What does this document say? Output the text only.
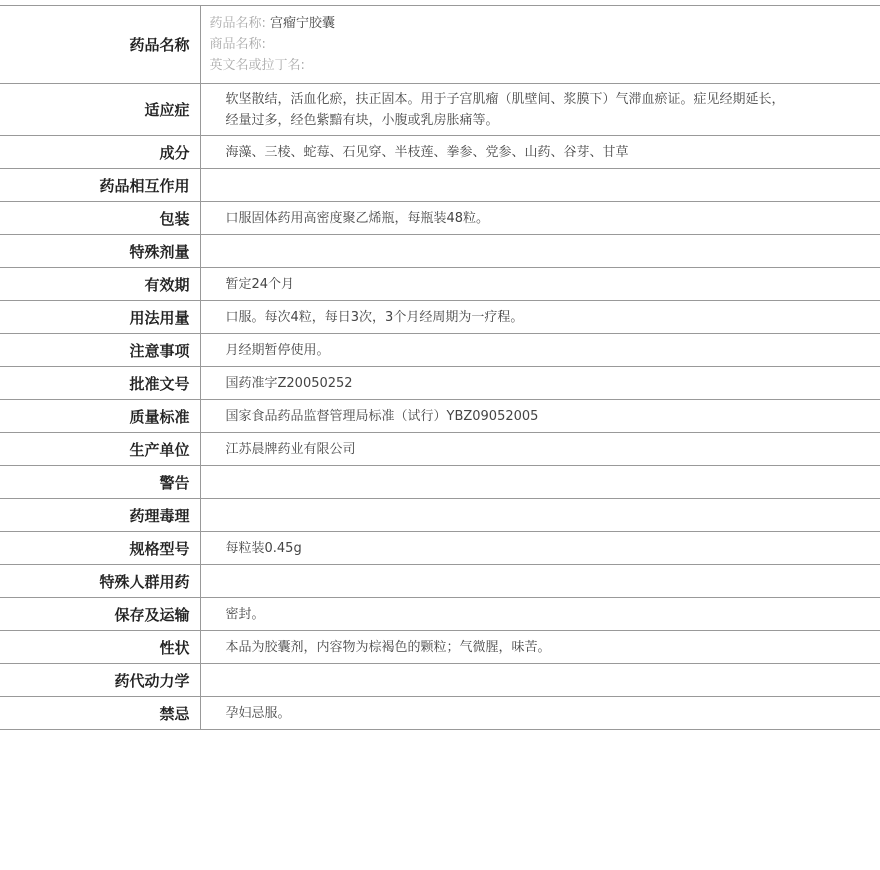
药品名称	药品名称: 宫瘤宁胶囊
商品名称:
英文名或拉丁名:

适应症	软坚散结，活血化瘀，扶正固本。用于子宫肌瘤（肌壁间、浆膜下）气滞血瘀证。症见经期延长，经量过多，经色紫黯有块，小腹或乳房胀痛等。
成分	海藻、三棱、蛇莓、石见穿、半枝莲、拳参、党参、山药、谷芽、甘草
药品相互作用	
包装	口服固体药用高密度聚乙烯瓶，每瓶装48粒。
特殊剂量	
有效期	暂定24个月
用法用量	口服。每次4粒，每日3次，3个月经周期为一疗程。
注意事项	月经期暂停使用。
批准文号	国药准字Z20050252
质量标准	国家食品药品监督管理局标准（试行）YBZ09052005
生产单位	江苏晨牌药业有限公司
警告	
药理毒理	
规格型号	每粒装0.45g
特殊人群用药	
保存及运输	密封。
性状	本品为胶囊剂，内容物为棕褐色的颗粒；气微腥，味苦。
药代动力学	
禁忌	孕妇忌服。
